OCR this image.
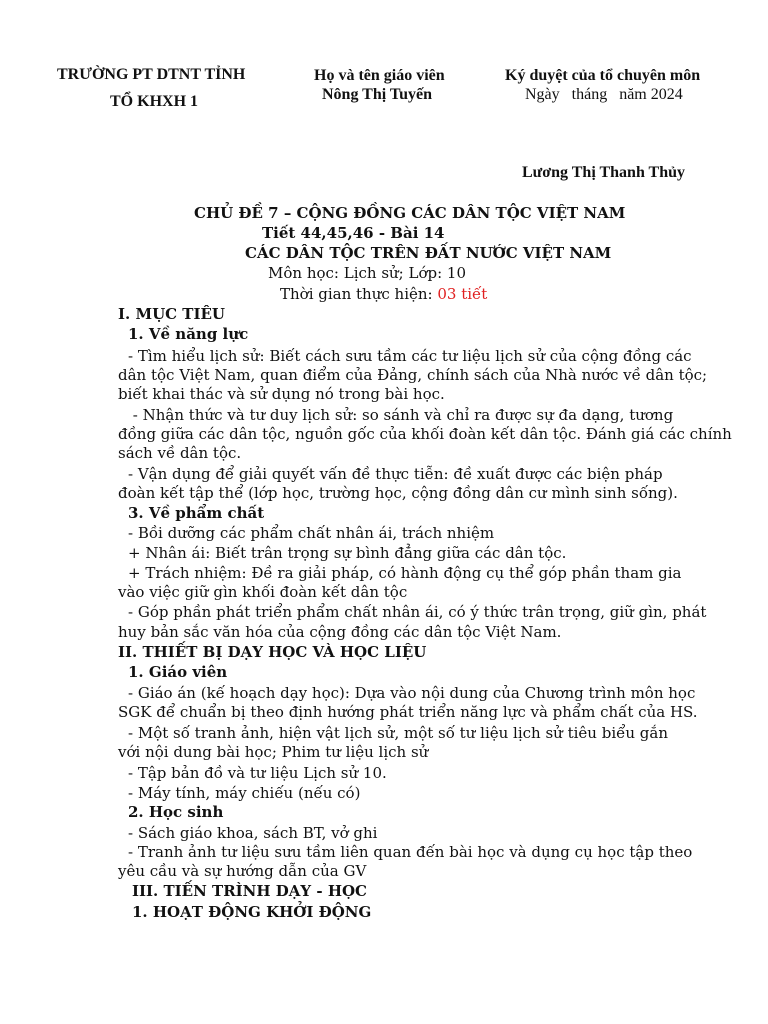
TRƯỜNG PT DTNT TỈNH
TỔ KHXH 1
Họ và tên giáo viên
Nông Thị Tuyến
Ký duyệt của tổ chuyên môn
Ngày   tháng   năm 2024
Lương Thị Thanh Thủy
CHỦ ĐỀ 7 – CỘNG ĐỒNG CÁC DÂN TỘC VIỆT NAM
Tiết 44,45,46 - Bài 14
CÁC DÂN TỘC TRÊN ĐẤT NƯỚC VIỆT NAM
Môn học: Lịch sử; Lớp: 10
Thời gian thực hiện: 03 tiết
I. MỤC TIÊU
1. Về năng lực
- Tìm hiểu lịch sử: Biết cách sưu tầm các tư liệu lịch sử của cộng đồng các
dân tộc Việt Nam, quan điểm của Đảng, chính sách của Nhà nước về dân tộc;
biết khai thác và sử dụng nó trong bài học.
- Nhận thức và tư duy lịch sử: so sánh và chỉ ra được sự đa dạng, tương
đồng giữa các dân tộc, nguồn gốc của khối đoàn kết dân tộc. Đánh giá các chính
sách về dân tộc.
- Vận dụng để giải quyết vấn đề thực tiễn: đề xuất được các biện pháp
đoàn kết tập thể (lớp học, trường học, cộng đồng dân cư mình sinh sống).
3. Về phẩm chất
- Bồi dưỡng các phẩm chất nhân ái, trách nhiệm
+ Nhân ái: Biết trân trọng sự bình đẳng giữa các dân tộc.
+ Trách nhiệm: Đề ra giải pháp, có hành động cụ thể góp phần tham gia
vào việc giữ gìn khối đoàn kết dân tộc
- Góp phần phát triển phẩm chất nhân ái, có ý thức trân trọng, giữ gìn, phát
huy bản sắc văn hóa của cộng đồng các dân tộc Việt Nam.
II. THIẾT BỊ DẠY HỌC VÀ HỌC LIỆU
1. Giáo viên
- Giáo án (kế hoạch dạy học): Dựa vào nội dung của Chương trình môn học
SGK để chuẩn bị theo định hướng phát triển năng lực và phẩm chất của HS.
- Một số tranh ảnh, hiện vật lịch sử, một số tư liệu lịch sử tiêu biểu gắn
với nội dung bài học; Phim tư liệu lịch sử
- Tập bản đồ và tư liệu Lịch sử 10.
- Máy tính, máy chiếu (nếu có)
2. Học sinh
- Sách giáo khoa, sách BT, vở ghi
- Tranh ảnh tư liệu sưu tầm liên quan đến bài học và dụng cụ học tập theo
yêu cầu và sự hướng dẫn của GV
III. TIẾN TRÌNH DẠY - HỌC
1. HOẠT ĐỘNG KHỞI ĐỘNG
